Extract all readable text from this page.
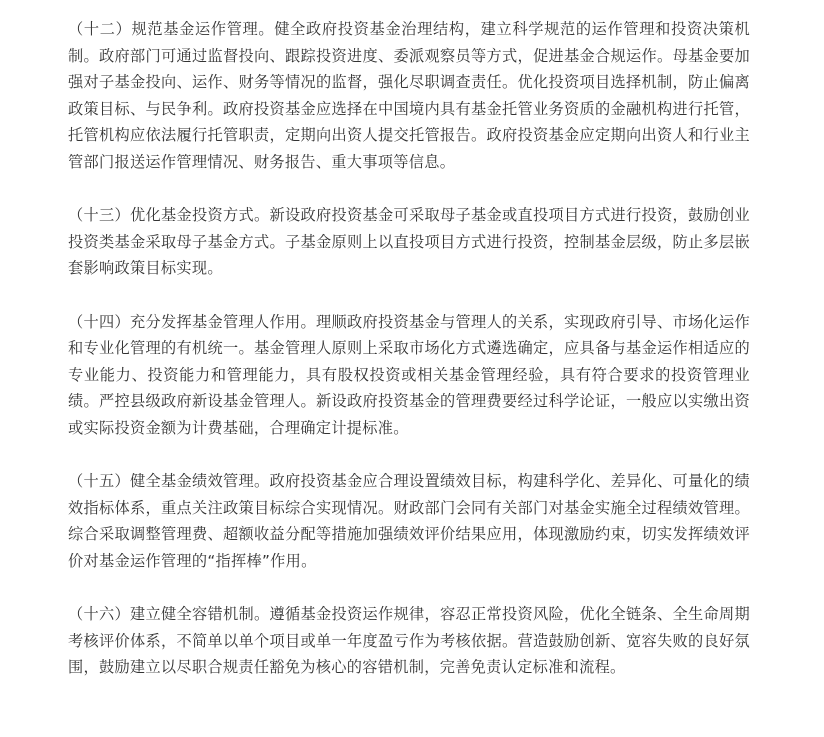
（十二）规范基金运作管理。健全政府投资基金治理结构，建立科学规范的运作管理和投资决策机制。政府部门可通过监督投向、跟踪投资进度、委派观察员等方式，促进基金合规运作。母基金要加强对子基金投向、运作、财务等情况的监督，强化尽职调查责任。优化投资项目选择机制，防止偏离政策目标、与民争利。政府投资基金应选择在中国境内具有基金托管业务资质的金融机构进行托管，托管机构应依法履行托管职责，定期向出资人提交托管报告。政府投资基金应定期向出资人和行业主管部门报送运作管理情况、财务报告、重大事项等信息。

（十三）优化基金投资方式。新设政府投资基金可采取母子基金或直投项目方式进行投资，鼓励创业投资类基金采取母子基金方式。子基金原则上以直投项目方式进行投资，控制基金层级，防止多层嵌套影响政策目标实现。

（十四）充分发挥基金管理人作用。理顺政府投资基金与管理人的关系，实现政府引导、市场化运作和专业化管理的有机统一。基金管理人原则上采取市场化方式遴选确定，应具备与基金运作相适应的专业能力、投资能力和管理能力，具有股权投资或相关基金管理经验，具有符合要求的投资管理业绩。严控县级政府新设基金管理人。新设政府投资基金的管理费要经过科学论证，一般应以实缴出资或实际投资金额为计费基础，合理确定计提标准。

（十五）健全基金绩效管理。政府投资基金应合理设置绩效目标，构建科学化、差异化、可量化的绩效指标体系，重点关注政策目标综合实现情况。财政部门会同有关部门对基金实施全过程绩效管理。综合采取调整管理费、超额收益分配等措施加强绩效评价结果应用，体现激励约束，切实发挥绩效评价对基金运作管理的“指挥棒”作用。

（十六）建立健全容错机制。遵循基金投资运作规律，容忍正常投资风险，优化全链条、全生命周期考核评价体系，不简单以单个项目或单一年度盈亏作为考核依据。营造鼓励创新、宽容失败的良好氛围，鼓励建立以尽职合规责任豁免为核心的容错机制，完善免责认定标准和流程。
